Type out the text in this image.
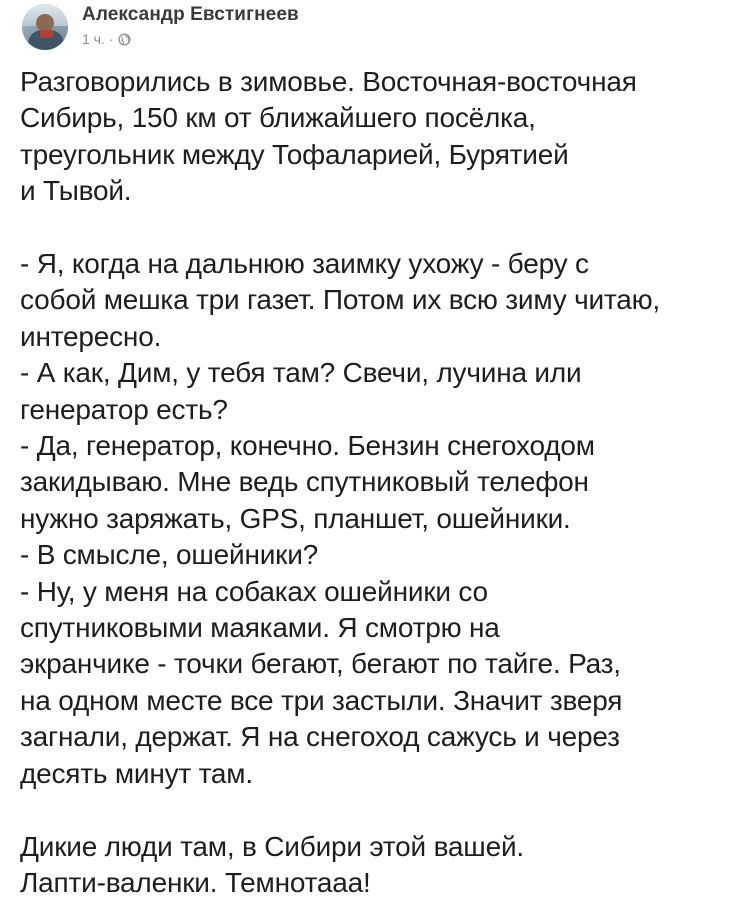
Александр Евстигнеев
1 ч. ·
Разговорились в зимовье. Восточная-восточная
Сибирь, 150 км от ближайшего посёлка,
треугольник между Тофаларией, Бурятией
и Тывой.
- Я, когда на дальнюю заимку ухожу - беру с
собой мешка три газет. Потом их всю зиму читаю,
интересно.
- А как, Дим, у тебя там? Свечи, лучина или
генератор есть?
- Да, генератор, конечно. Бензин снегоходом
закидываю. Мне ведь спутниковый телефон
нужно заряжать, GPS, планшет, ошейники.
- В смысле, ошейники?
- Ну, у меня на собаках ошейники со
спутниковыми маяками. Я смотрю на
экранчике - точки бегают, бегают по тайге. Раз,
на одном месте все три застыли. Значит зверя
загнали, держат. Я на снегоход сажусь и через
десять минут там.
Дикие люди там, в Сибири этой вашей.
Лапти-валенки. Темнотааа!
